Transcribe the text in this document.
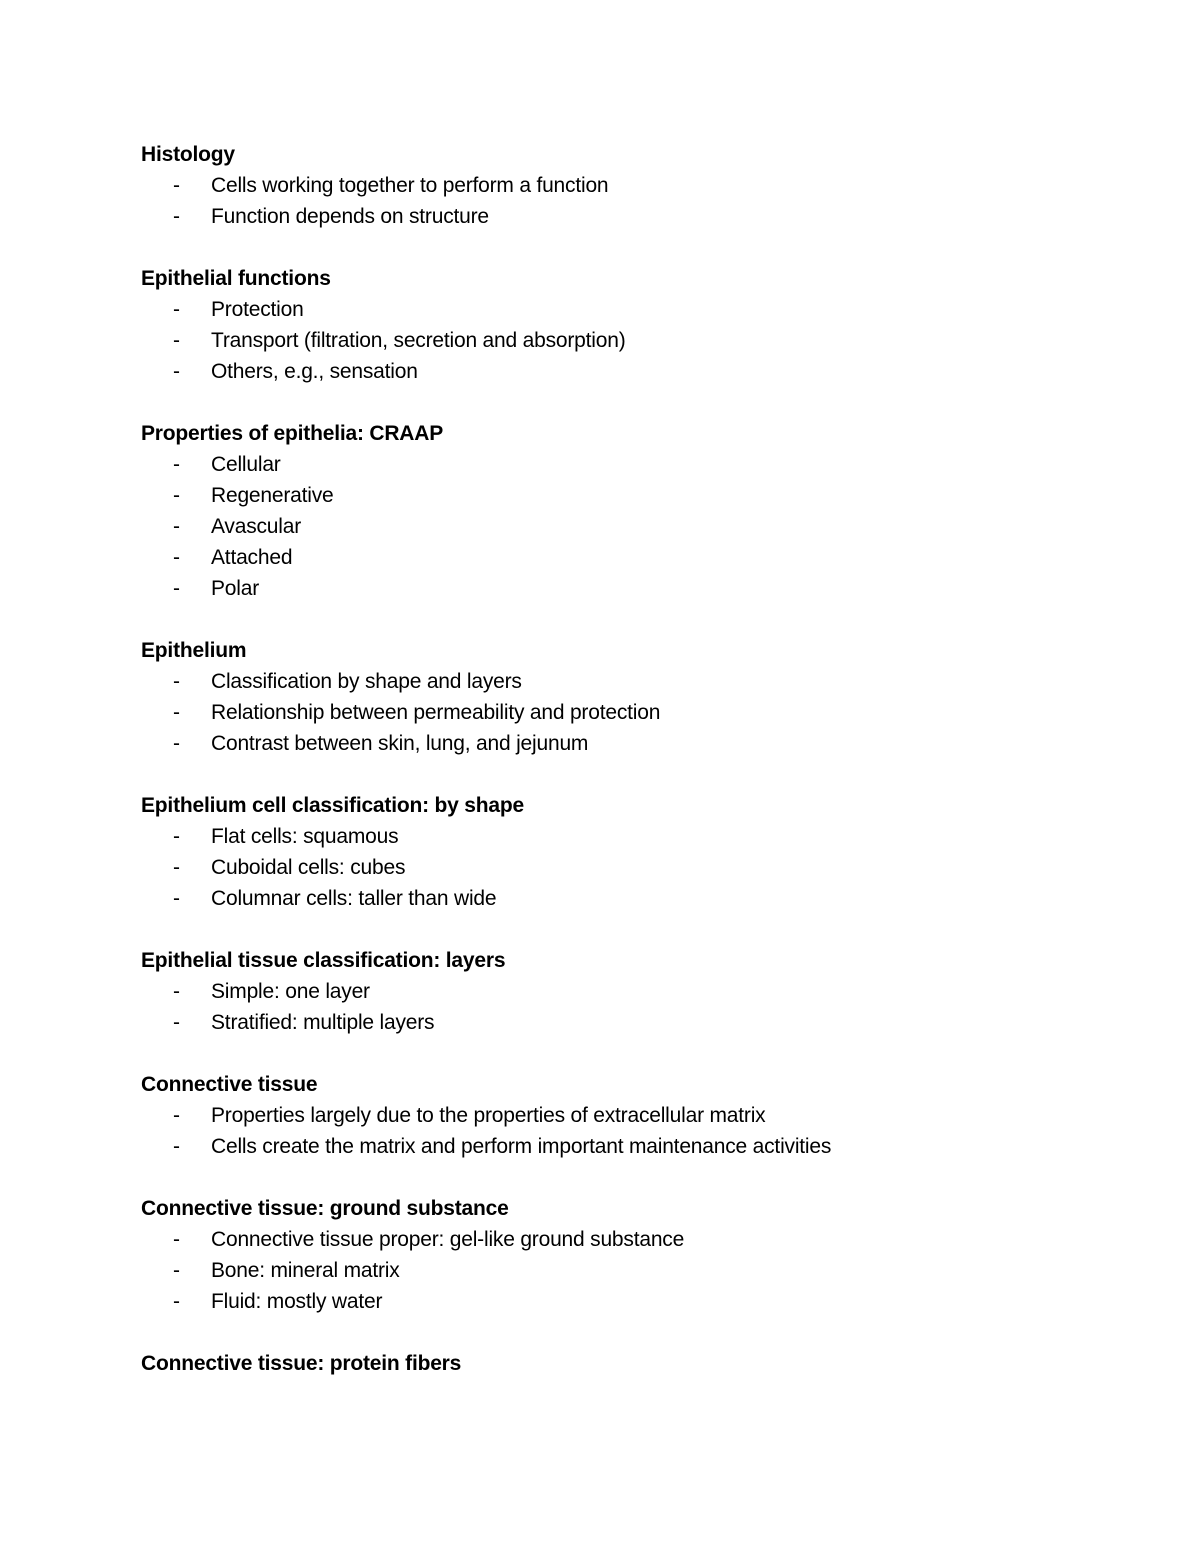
Histology
-	Cells working together to perform a function
-	Function depends on structure
Epithelial functions
-	Protection
-	Transport (filtration, secretion and absorption)
-	Others, e.g., sensation
Properties of epithelia: CRAAP
-	Cellular
-	Regenerative
-	Avascular
-	Attached
-	Polar
Epithelium
-	Classification by shape and layers
-	Relationship between permeability and protection
-	Contrast between skin, lung, and jejunum
Epithelium cell classification: by shape
-	Flat cells: squamous
-	Cuboidal cells: cubes
-	Columnar cells: taller than wide
Epithelial tissue classification: layers
-	Simple: one layer
-	Stratified: multiple layers
Connective tissue
-	Properties largely due to the properties of extracellular matrix
-	Cells create the matrix and perform important maintenance activities
Connective tissue: ground substance
-	Connective tissue proper: gel-like ground substance
-	Bone: mineral matrix
-	Fluid: mostly water
Connective tissue: protein fibers
